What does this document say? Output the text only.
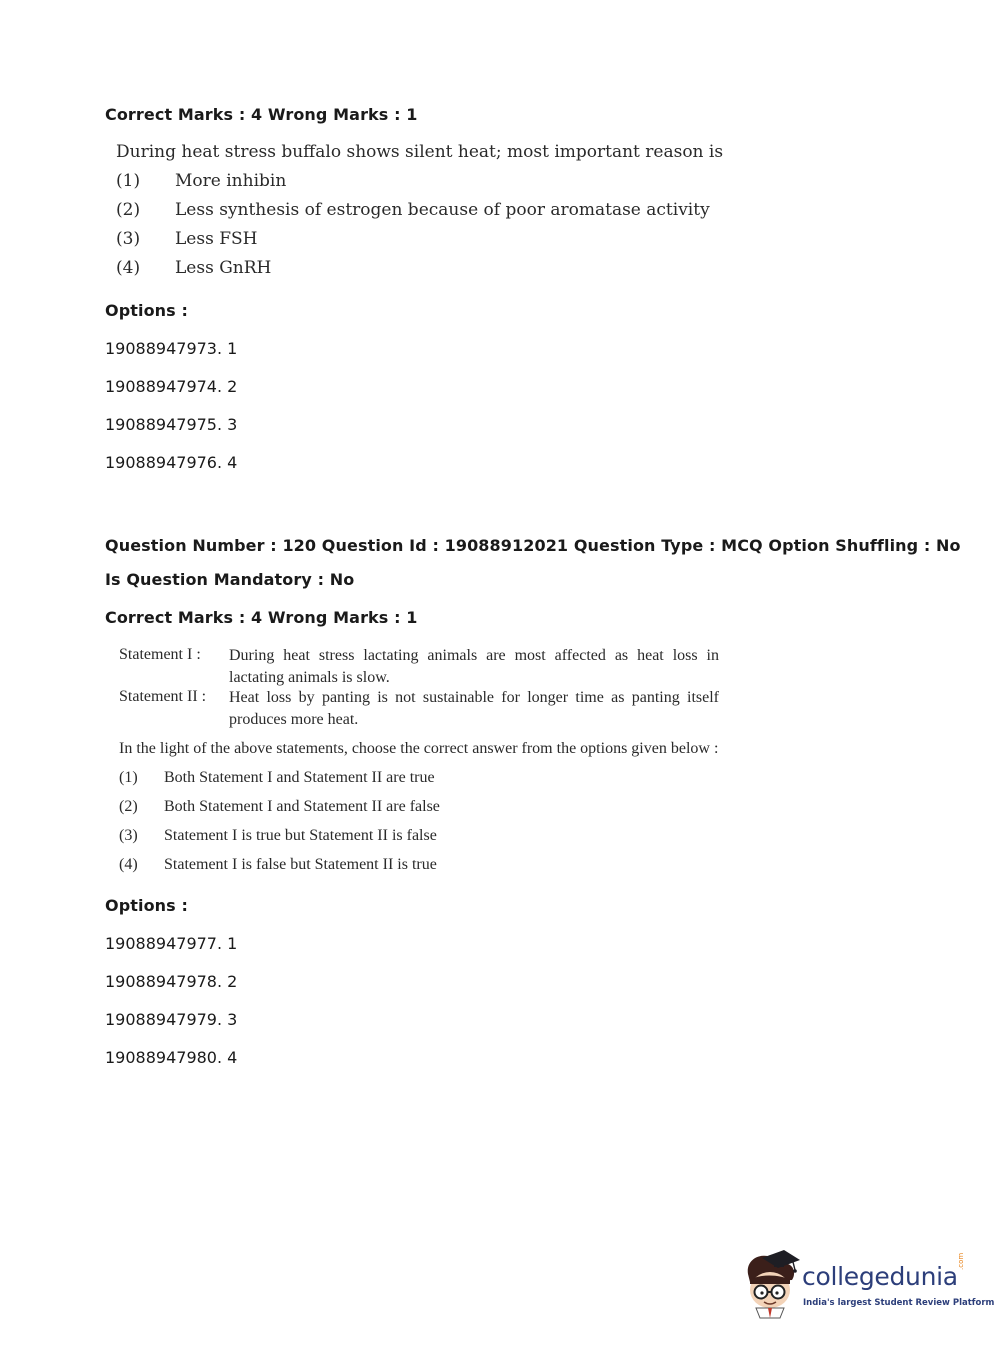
Correct Marks : 4 Wrong Marks : 1
During heat stress buffalo shows silent heat; most important reason is
(1) More inhibin
(2) Less synthesis of estrogen because of poor aromatase activity
(3) Less FSH
(4) Less GnRH
Options :
19088947973. 1
19088947974. 2
19088947975. 3
19088947976. 4
Question Number : 120 Question Id : 19088912021 Question Type : MCQ Option Shuffling : No
Is Question Mandatory : No
Correct Marks : 4 Wrong Marks : 1
Statement I : During heat stress lactating animals are most affected as heat loss in lactating animals is slow.
Statement II : Heat loss by panting is not sustainable for longer time as panting itself produces more heat.
In the light of the above statements, choose the correct answer from the options given below :
(1) Both Statement I and Statement II are true
(2) Both Statement I and Statement II are false
(3) Statement I is true but Statement II is false
(4) Statement I is false but Statement II is true
Options :
19088947977. 1
19088947978. 2
19088947979. 3
19088947980. 4
collegedunia
.com
India's largest Student Review Platform
